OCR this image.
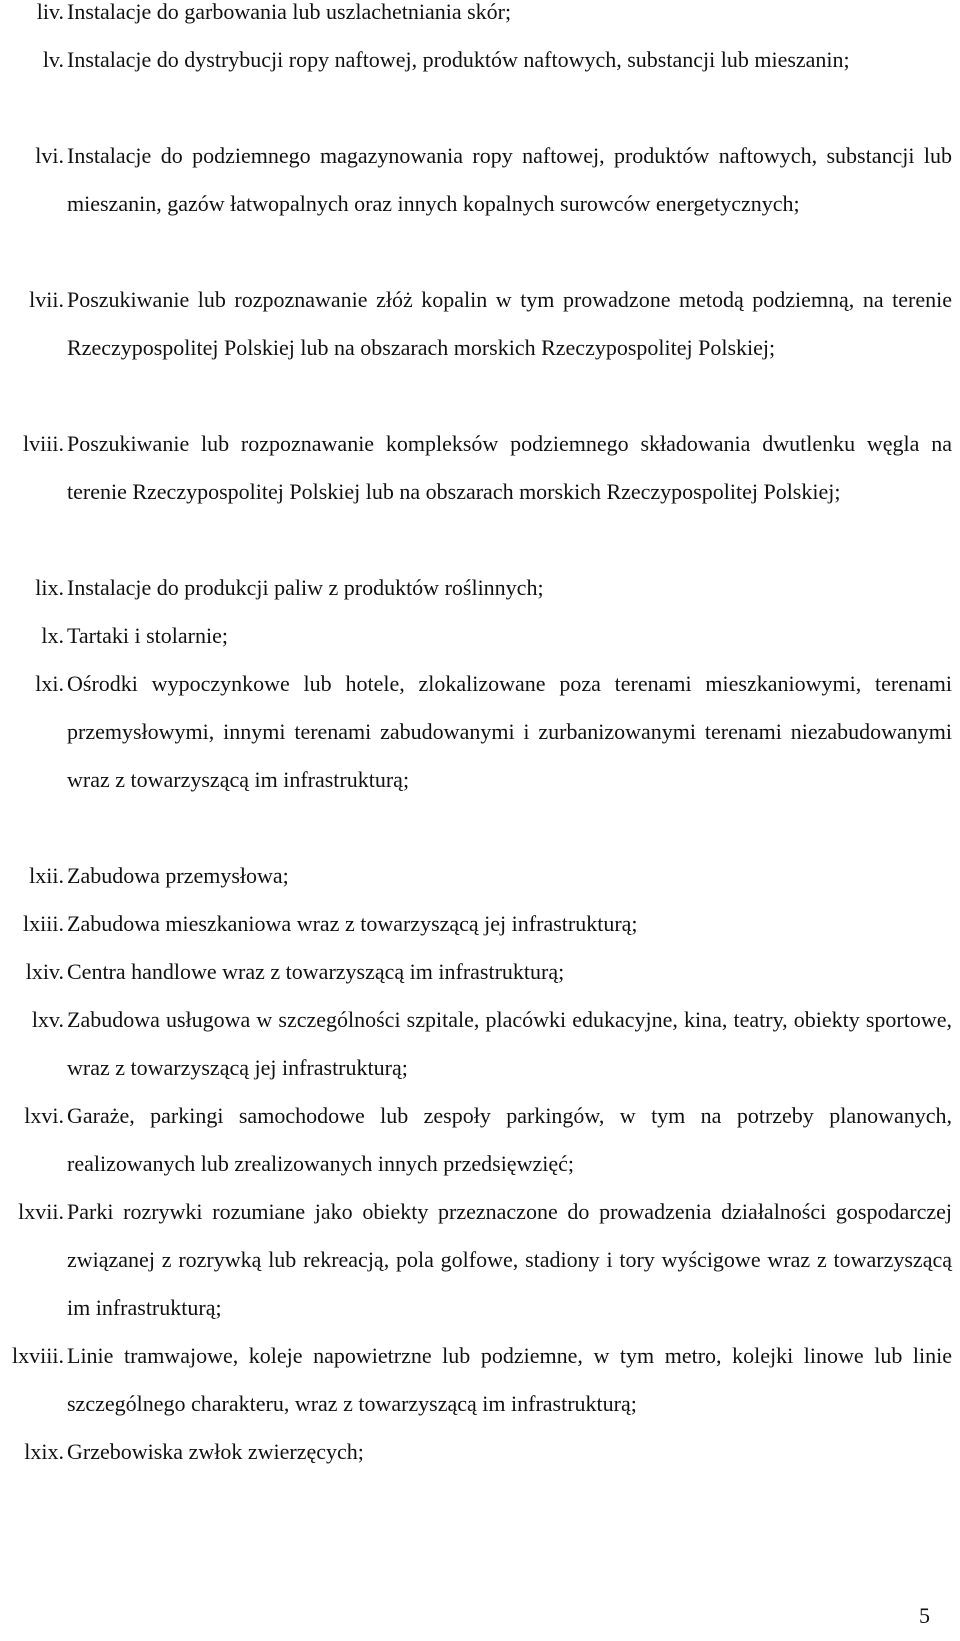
liv. Instalacje do garbowania lub uszlachetniania skór;
lv. Instalacje do dystrybucji ropy naftowej, produktów naftowych, substancji lub mieszanin;
lvi. Instalacje do podziemnego magazynowania ropy naftowej, produktów naftowych, substancji lub mieszanin, gazów łatwopalnych oraz innych kopalnych surowców energetycznych;
lvii. Poszukiwanie lub rozpoznawanie złóż kopalin w tym prowadzone metodą podziemną, na terenie Rzeczypospolitej Polskiej lub na obszarach morskich Rzeczypospolitej Polskiej;
lviii. Poszukiwanie lub rozpoznawanie kompleksów podziemnego składowania dwutlenku węgla na terenie Rzeczypospolitej Polskiej lub na obszarach morskich Rzeczypospolitej Polskiej;
lix. Instalacje do produkcji paliw z produktów roślinnych;
lx. Tartaki i stolarnie;
lxi. Ośrodki wypoczynkowe lub hotele, zlokalizowane poza terenami mieszkaniowymi, terenami przemysłowymi, innymi terenami zabudowanymi i zurbanizowanymi terenami niezabudowanymi wraz z towarzyszącą im infrastrukturą;
lxii. Zabudowa przemysłowa;
lxiii. Zabudowa mieszkaniowa wraz z towarzyszącą jej infrastrukturą;
lxiv. Centra handlowe wraz z towarzyszącą im infrastrukturą;
lxv. Zabudowa usługowa w szczególności szpitale, placówki edukacyjne, kina, teatry, obiekty sportowe, wraz z towarzyszącą jej infrastrukturą;
lxvi. Garaże, parkingi samochodowe lub zespoły parkingów, w tym na potrzeby planowanych, realizowanych lub zrealizowanych innych przedsięwzięć;
lxvii. Parki rozrywki rozumiane jako obiekty przeznaczone do prowadzenia działalności gospodarczej związanej z rozrywką lub rekreacją, pola golfowe, stadiony i tory wyścigowe wraz z towarzyszącą im infrastrukturą;
lxviii. Linie tramwajowe, koleje napowietrzne lub podziemne, w tym metro, kolejki linowe lub linie szczególnego charakteru, wraz z towarzyszącą im infrastrukturą;
lxix. Grzebowiska zwłok zwierzęcych;
5
